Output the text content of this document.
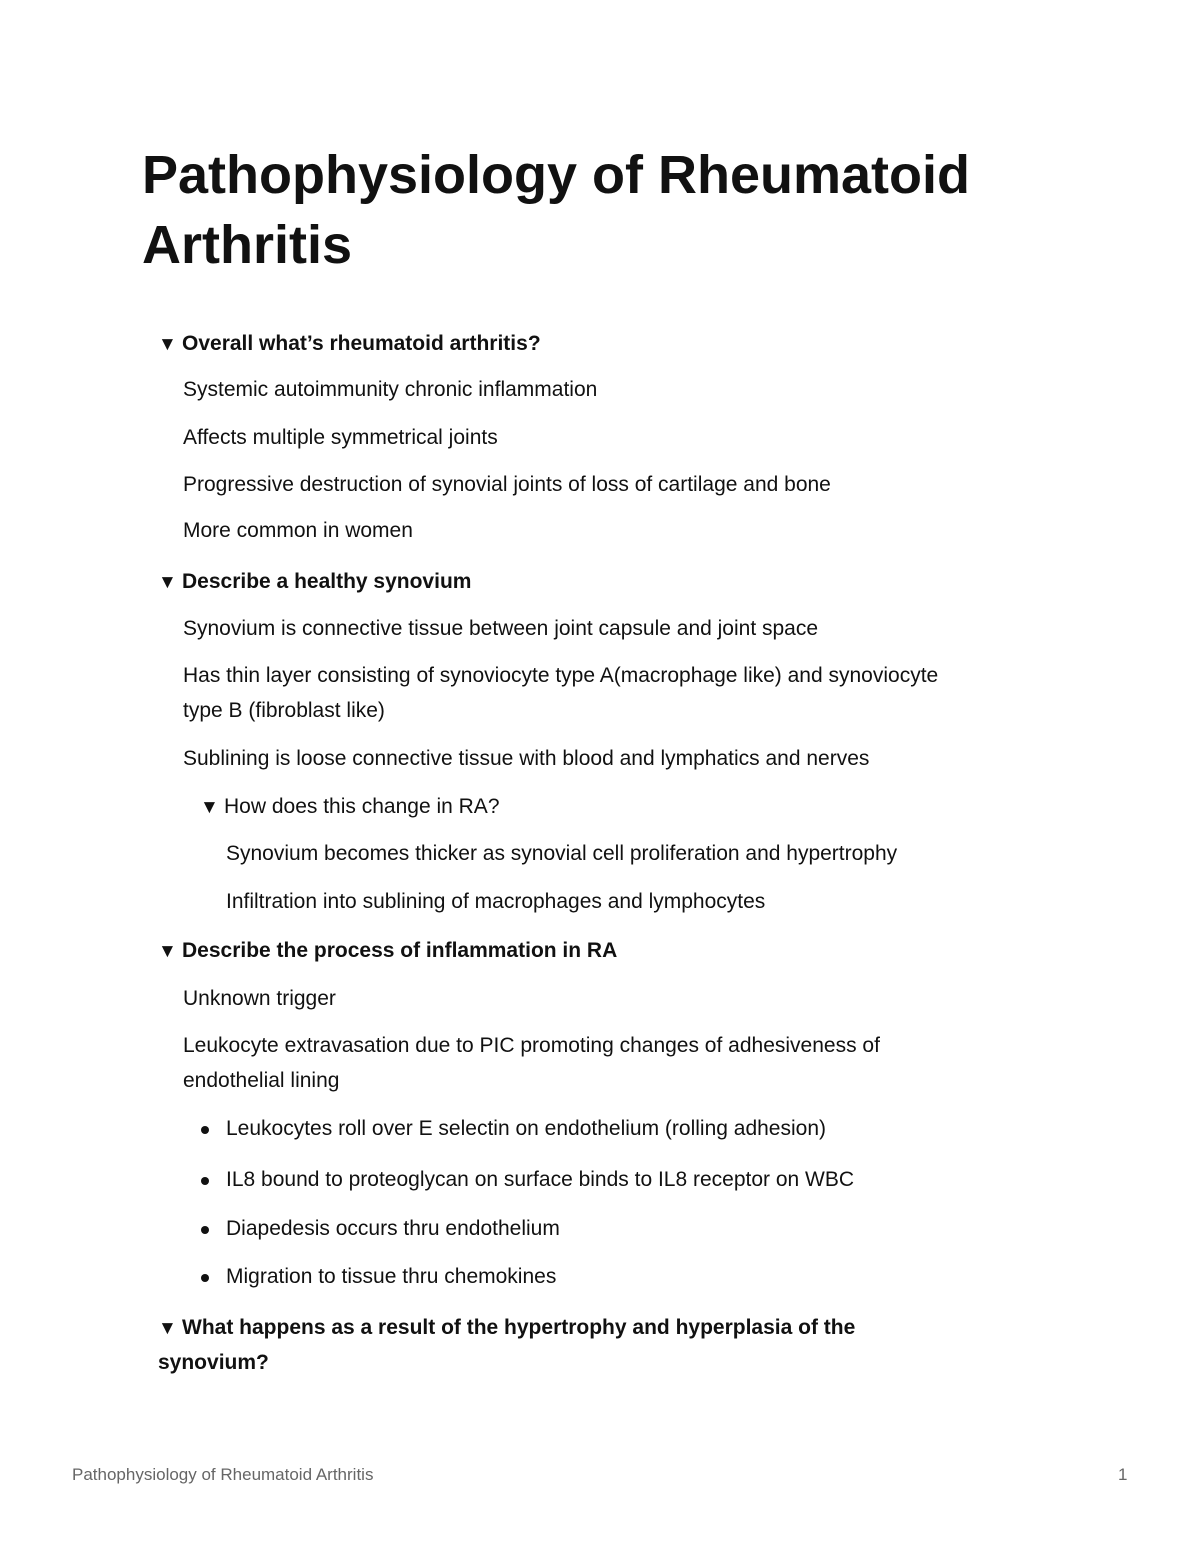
Pathophysiology of Rheumatoid Arthritis
▼ Overall what’s rheumatoid arthritis?
Systemic autoimmunity chronic inflammation
Affects multiple symmetrical joints
Progressive destruction of synovial joints of loss of cartilage and bone
More common in women
▼ Describe a healthy synovium
Synovium is connective tissue between joint capsule and joint space
Has thin layer consisting of synoviocyte type A(macrophage like) and synoviocyte
type B (fibroblast like)
Sublining is loose connective tissue with blood and lymphatics and nerves
▼ How does this change in RA?
Synovium becomes thicker as synovial cell proliferation and hypertrophy
Infiltration into sublining of macrophages and lymphocytes
▼ Describe the process of inflammation in RA
Unknown trigger
Leukocyte extravasation due to PIC promoting changes of adhesiveness of
endothelial lining
Leukocytes roll over E selectin on endothelium (rolling adhesion)
IL8 bound to proteoglycan on surface binds to IL8 receptor on WBC
Diapedesis occurs thru endothelium
Migration to tissue thru chemokines
▼ What happens as a result of the hypertrophy and hyperplasia of the
synovium?
Pathophysiology of Rheumatoid Arthritis	1
